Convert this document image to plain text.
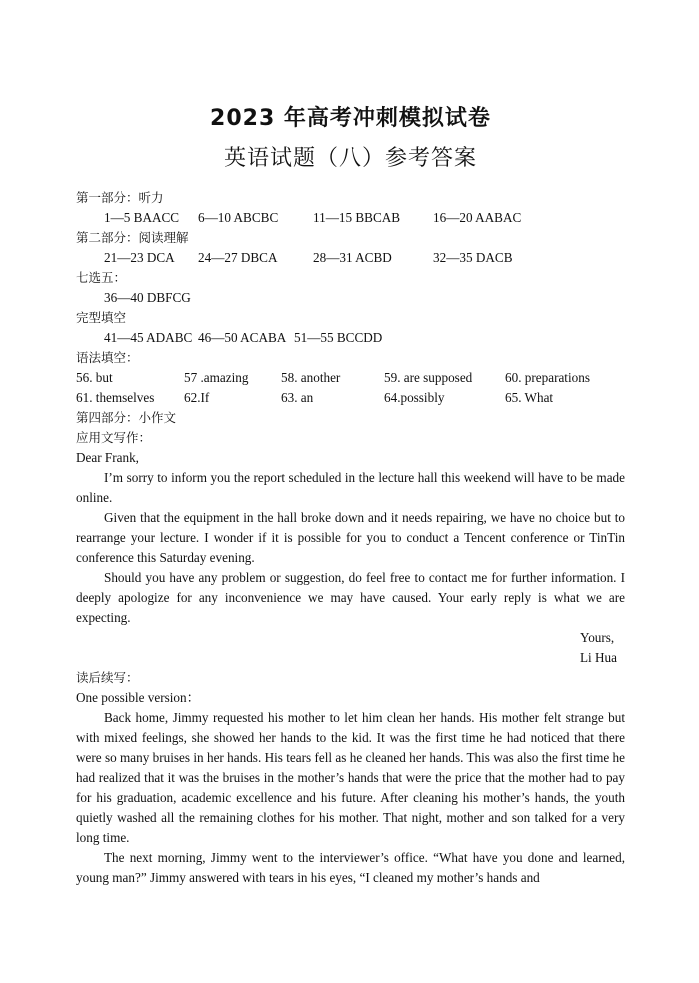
2023 年高考冲刺模拟试卷
英语试题（八）参考答案
第一部分：听力
1—5 BAACC 6—10 ABCBC	11—15 BBCAB 16—20 AABAC
第二部分：阅读理解
21—23 DCA 24—27 DBCA	28—31 ACBD	32—35 DACB
七选五：
36—40 DBFCG
完型填空
41—45 ADABC 46—50 ACABA 51—55 BCCDD
语法填空：
56. but	57 .amazing 58. another	59. are supposed 60. preparations
61. themselves 62.If	63. an	64.possibly	65. What
第四部分：小作文
应用文写作：
Dear Frank,

I’m sorry to inform you the report scheduled in the lecture hall this weekend will have to be made online.

Given that the equipment in the hall broke down and it needs repairing, we have no choice but to rearrange your lecture. I wonder if it is possible for you to conduct a Tencent conference or TinTin conference this Saturday evening.

Should you have any problem or suggestion, do feel free to contact me for further information. I deeply apologize for any inconvenience we may have caused. Your early reply is what we are expecting.

Yours,
Li Hua
读后续写：
One possible version：

Back home, Jimmy requested his mother to let him clean her hands. His mother felt strange but with mixed feelings, she showed her hands to the kid. It was the first time he had noticed that there were so many bruises in her hands. His tears fell as he cleaned her hands. This was also the first time he had realized that it was the bruises in the mother’s hands that were the price that the mother had to pay for his graduation, academic excellence and his future. After cleaning his mother’s hands, the youth quietly washed all the remaining clothes for his mother. That night, mother and son talked for a very long time.

The next morning, Jimmy went to the interviewer’s office. “What have you done and learned, young man?” Jimmy answered with tears in his eyes, “I cleaned my mother’s hands and
